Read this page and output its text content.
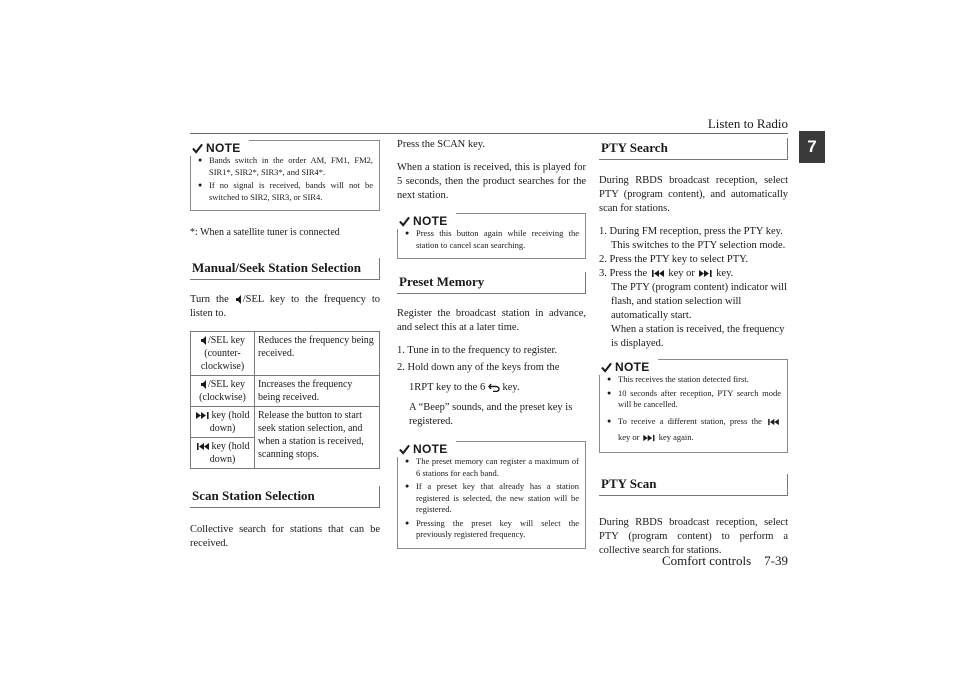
Listen to Radio
7
NOTE
● Bands switch in the order AM, FM1, FM2, SIR1*, SIR2*, SIR3*, and SIR4*.
● If no signal is received, bands will not be switched to SIR2, SIR3, or SIR4.
*: When a satellite tuner is connected
Manual/Seek Station Selection

Turn the /SEL key to the frequency to listen to.

/SEL key (counter-clockwise)	Reduces the frequency being received.
/SEL key (clockwise)	Increases the frequency being received.
key (hold down)	Release the button to start seek station selection, and when a station is received, scanning stops.
key (hold down)	
Scan Station Selection

Collective search for stations that can be received.

Press the SCAN key.

When a station is received, this is played for 5 seconds, then the product searches for the next station.

NOTE
● Press this button again while receiving the station to cancel scan searching.
Preset Memory

Register the broadcast station in advance, and select this at a later time.

1. Tune in to the frequency to register.
2. Hold down any of the keys from the 1RPT key to the 6 key.
A “Beep” sounds, and the preset key is registered.
NOTE
● The preset memory can register a maximum of 6 stations for each band.
● If a preset key that already has a station registered is selected, the new station will be registered.
● Pressing the preset key will select the previously registered frequency.
PTY Search

During RBDS broadcast reception, select PTY (program content), and automatically scan for stations.

1. During FM reception, press the PTY key.
This switches to the PTY selection mode.
2. Press the PTY key to select PTY.
3. Press the key or key.
The PTY (program content) indicator will flash, and station selection will automatically start.
When a station is received, the frequency is displayed.
NOTE
● This receives the station detected first.
● 10 seconds after reception, PTY search mode will be cancelled.
● To receive a different station, press the  key or key again.
PTY Scan

During RBDS broadcast reception, select PTY (program content) to perform a collective search for stations.

Comfort controls    7-39
